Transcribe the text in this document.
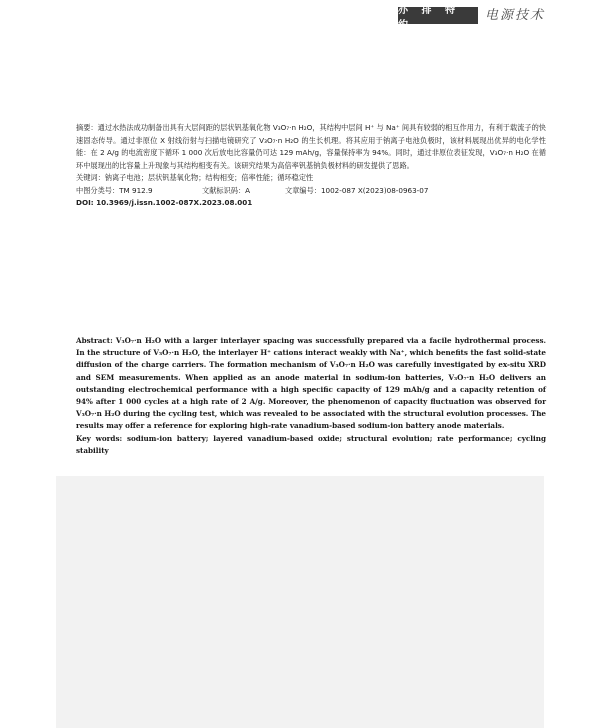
亦 排 特 约
电源技术

摘要：通过水热法成功制备出具有大层间距的层状钒基氧化物 V₃O₇·n H₂O，其结构中层间 H⁺ 与 Na⁺ 间具有较弱的相互作用力，有利于载流子的快速固态传导。通过非原位 X 射线衍射与扫描电镜研究了 V₃O₇·n H₂O 的生长机理。将其应用于钠离子电池负极时，该材料展现出优异的电化学性能：在 2 A/g 的电流密度下循环 1 000 次后放电比容量仍可达 129 mAh/g，容量保持率为 94%。同时，通过非原位表征发现，V₃O₇·n H₂O 在循环中展现出的比容量上升现象与其结构相变有关。该研究结果为高倍率钒基钠负极材料的研发提供了思路。

关键词：钠离子电池；层状钒基氧化物；结构相变；倍率性能；循环稳定性

中图分类号：TM 912.9	文献标识码：A	文章编号：1002-087 X(2023)08-0963-07

DOI: 10.3969/j.issn.1002-087X.2023.08.001

Abstract: V₃O₇·n H₂O with a larger interlayer spacing was successfully prepared via a facile hydrothermal process. In the structure of V₃O₇·n H₂O, the interlayer H⁺ cations interact weakly with Na⁺, which benefits the fast solid-state diffusion of the charge carriers. The formation mechanism of V₃O₇·n H₂O was carefully investigated by ex-situ XRD and SEM measurements. When applied as an anode material in sodium-ion batteries, V₃O₇·n H₂O delivers an outstanding electrochemical performance with a high specific capacity of 129 mAh/g and a capacity retention of 94% after 1 000 cycles at a high rate of 2 A/g. Moreover, the phenomenon of capacity fluctuation was observed for V₃O₇·n H₂O during the cycling test, which was revealed to be associated with the structural evolution processes. The results may offer a reference for exploring high-rate vanadium-based sodium-ion battery anode materials.

Key words: sodium-ion battery; layered vanadium-based oxide; structural evolution; rate performance; cycling stability
